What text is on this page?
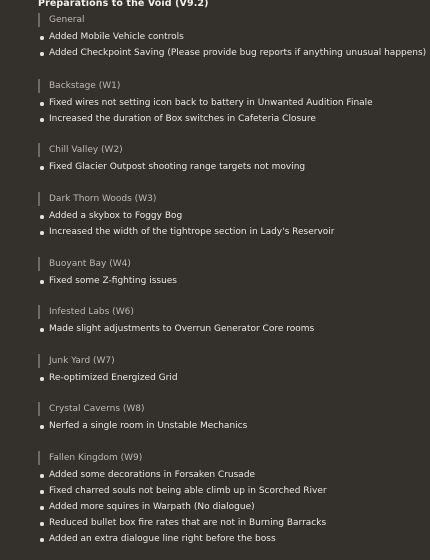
Preparations to the Void (V9.2)
General
Added Mobile Vehicle controls
Added Checkpoint Saving (Please provide bug reports if anything unusual happens)
Backstage (W1)
Fixed wires not setting icon back to battery in Unwanted Audition Finale
Increased the duration of Box switches in Cafeteria Closure
Chill Valley (W2)
Fixed Glacier Outpost shooting range targets not moving
Dark Thorn Woods (W3)
Added a skybox to Foggy Bog
Increased the width of the tightrope section in Lady's Reservoir
Buoyant Bay (W4)
Fixed some Z-fighting issues
Infested Labs (W6)
Made slight adjustments to Overrun Generator Core rooms
Junk Yard (W7)
Re-optimized Energized Grid
Crystal Caverns (W8)
Nerfed a single room in Unstable Mechanics
Fallen Kingdom (W9)
Added some decorations in Forsaken Crusade
Fixed charred souls not being able climb up in Scorched River
Added more squires in Warpath (No dialogue)
Reduced bullet box fire rates that are not in Burning Barracks
Added an extra dialogue line right before the boss
